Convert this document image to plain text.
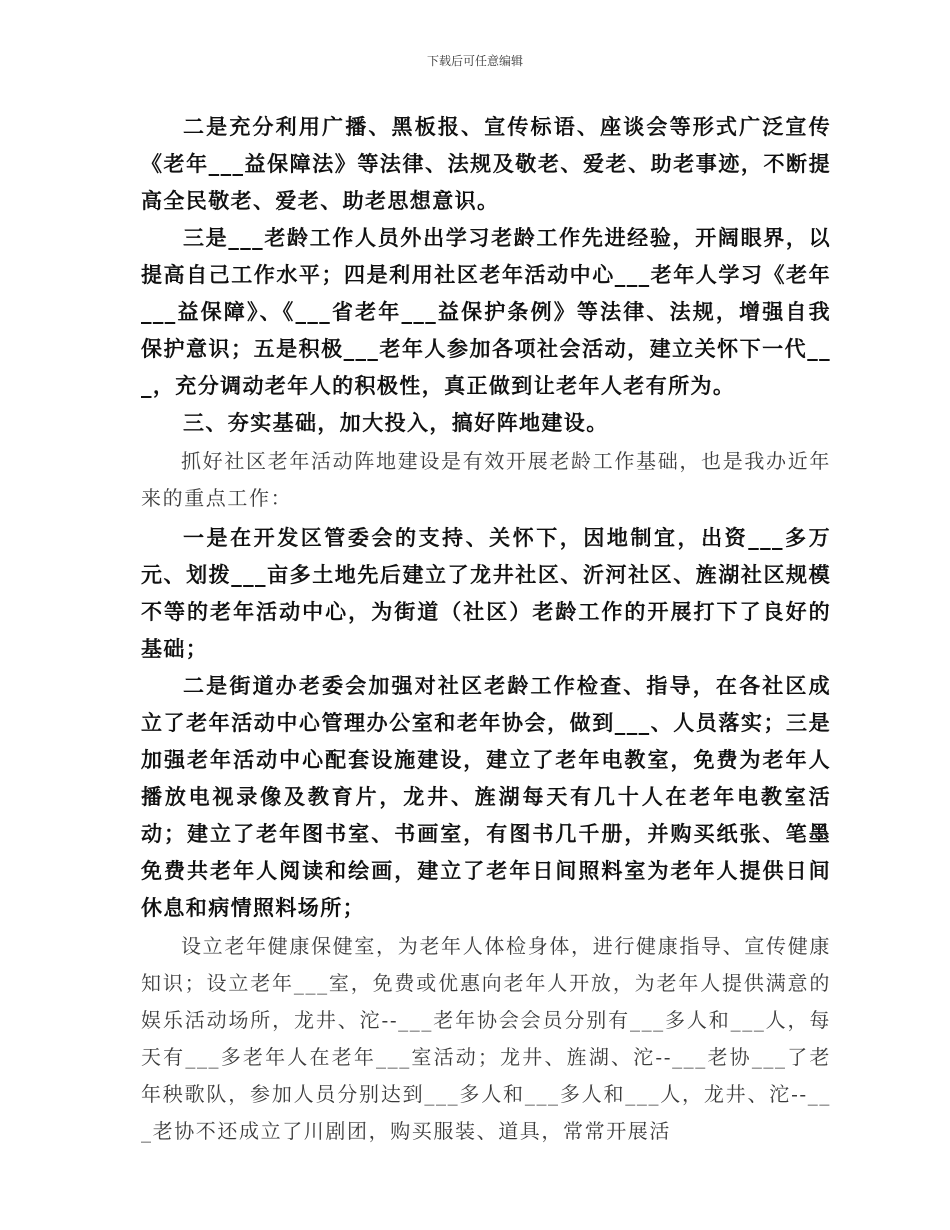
下载后可任意编辑

二是充分利用广播、黑板报、宣传标语、座谈会等形式广泛宣传《老年___益保障法》等法律、法规及敬老、爱老、助老事迹，不断提高全民敬老、爱老、助老思想意识。

三是___老龄工作人员外出学习老龄工作先进经验，开阔眼界，以提高自己工作水平；四是利用社区老年活动中心___老年人学习《老年___益保障》、《___省老年___益保护条例》等法律、法规，增强自我保护意识；五是积极___老年人参加各项社会活动，建立关怀下一代___，充分调动老年人的积极性，真正做到让老年人老有所为。

三、夯实基础，加大投入，搞好阵地建设。

抓好社区老年活动阵地建设是有效开展老龄工作基础，也是我办近年来的重点工作：

一是在开发区管委会的支持、关怀下，因地制宜，出资___多万元、划拨___亩多土地先后建立了龙井社区、沂河社区、旌湖社区规模不等的老年活动中心，为街道（社区）老龄工作的开展打下了良好的基础；

二是街道办老委会加强对社区老龄工作检查、指导，在各社区成立了老年活动中心管理办公室和老年协会，做到___、人员落实；三是加强老年活动中心配套设施建设，建立了老年电教室，免费为老年人播放电视录像及教育片，龙井、旌湖每天有几十人在老年电教室活动；建立了老年图书室、书画室，有图书几千册，并购买纸张、笔墨免费共老年人阅读和绘画，建立了老年日间照料室为老年人提供日间休息和病情照料场所；

设立老年健康保健室，为老年人体检身体，进行健康指导、宣传健康知识；设立老年___室，免费或优惠向老年人开放，为老年人提供满意的娱乐活动场所，龙井、沱--___老年协会会员分别有___多人和___人，每天有___多老年人在老年___室活动；龙井、旌湖、沱--___老协___了老年秧歌队，参加人员分别达到___多人和___多人和___人，龙井、沱--___老协不还成立了川剧团，购买服装、道具，常常开展活
